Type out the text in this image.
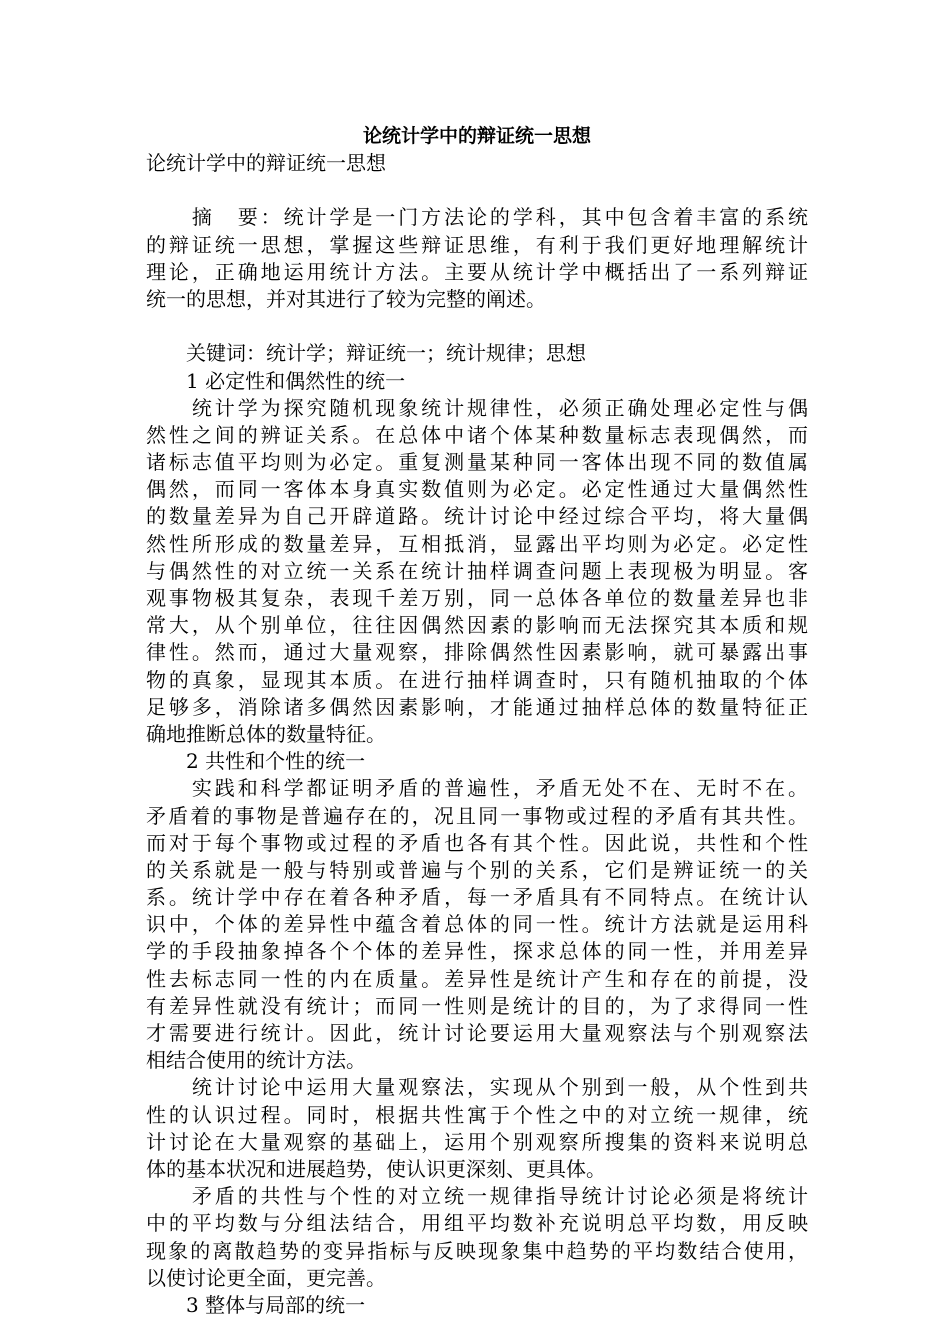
论统计学中的辩证统一思想
论统计学中的辩证统一思想
　　摘　要：统计学是一门方法论的学科，其中包含着丰富的系统
的辩证统一思想，掌握这些辩证思维，有利于我们更好地理解统计
理论，正确地运用统计方法。主要从统计学中概括出了一系列辩证
统一的思想，并对其进行了较为完整的阐述。
　　关键词：统计学；辩证统一；统计规律；思想
　　1 必定性和偶然性的统一
　　统计学为探究随机现象统计规律性，必须正确处理必定性与偶
然性之间的辨证关系。在总体中诸个体某种数量标志表现偶然，而
诸标志值平均则为必定。重复测量某种同一客体出现不同的数值属
偶然，而同一客体本身真实数值则为必定。必定性通过大量偶然性
的数量差异为自己开辟道路。统计讨论中经过综合平均，将大量偶
然性所形成的数量差异，互相抵消，显露出平均则为必定。必定性
与偶然性的对立统一关系在统计抽样调查问题上表现极为明显。客
观事物极其复杂，表现千差万别，同一总体各单位的数量差异也非
常大，从个别单位，往往因偶然因素的影响而无法探究其本质和规
律性。然而，通过大量观察，排除偶然性因素影响，就可暴露出事
物的真象，显现其本质。在进行抽样调查时，只有随机抽取的个体
足够多，消除诸多偶然因素影响，才能通过抽样总体的数量特征正
确地推断总体的数量特征。
　　2 共性和个性的统一
　　实践和科学都证明矛盾的普遍性，矛盾无处不在、无时不在。
矛盾着的事物是普遍存在的，况且同一事物或过程的矛盾有其共性。
而对于每个事物或过程的矛盾也各有其个性。因此说，共性和个性
的关系就是一般与特别或普遍与个别的关系，它们是辨证统一的关
系。统计学中存在着各种矛盾，每一矛盾具有不同特点。在统计认
识中，个体的差异性中蕴含着总体的同一性。统计方法就是运用科
学的手段抽象掉各个个体的差异性，探求总体的同一性，并用差异
性去标志同一性的内在质量。差异性是统计产生和存在的前提，没
有差异性就没有统计；而同一性则是统计的目的，为了求得同一性
才需要进行统计。因此，统计讨论要运用大量观察法与个别观察法
相结合使用的统计方法。
　　统计讨论中运用大量观察法，实现从个别到一般，从个性到共
性的认识过程。同时，根据共性寓于个性之中的对立统一规律，统
计讨论在大量观察的基础上，运用个别观察所搜集的资料来说明总
体的基本状况和进展趋势，使认识更深刻、更具体。
　　矛盾的共性与个性的对立统一规律指导统计讨论必须是将统计
中的平均数与分组法结合，用组平均数补充说明总平均数，用反映
现象的离散趋势的变异指标与反映现象集中趋势的平均数结合使用，
以使讨论更全面，更完善。
　　3 整体与局部的统一
